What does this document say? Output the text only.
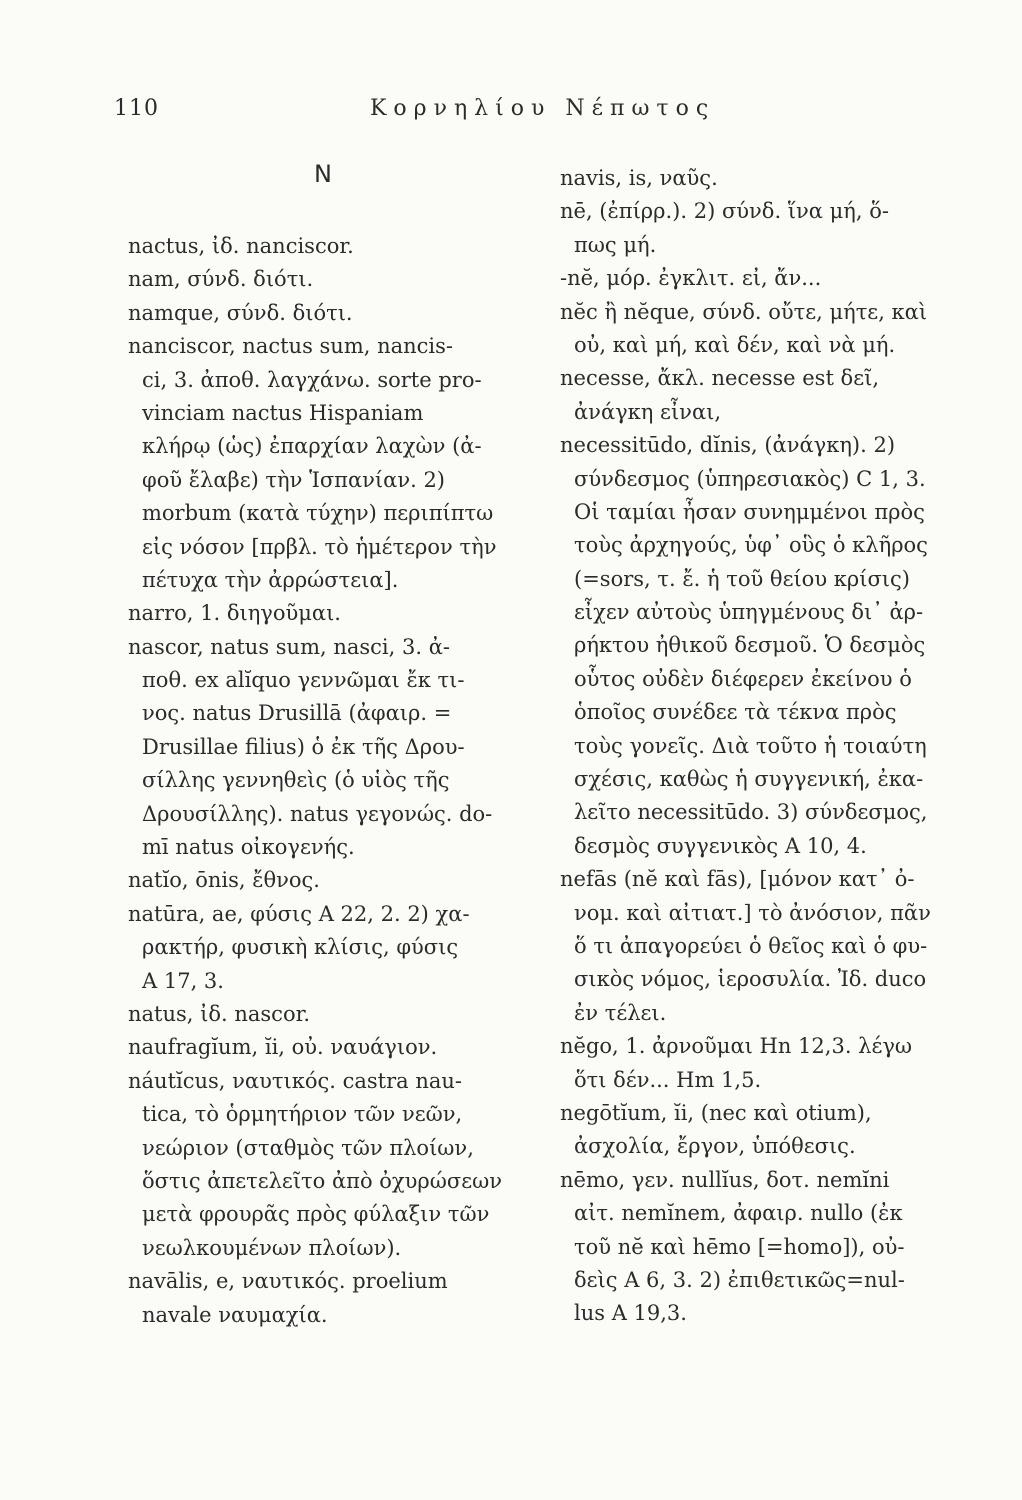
110	Κορνηλίου Νέπωτος
N
nactus, ἰδ. nanciscor.
nam, σύνδ. διότι.
namque, σύνδ. διότι.
nanciscor, nactus sum, nancis-
ci, 3. ἀποθ. λαγχάνω. sorte pro-
vinciam nactus Hispaniam
κλήρῳ (ὡς) ἐπαρχίαν λαχὼν (ἀ-
φοῦ ἔλαβε) τὴν Ἱσπανίαν. 2)
morbum (κατὰ τύχην) περιπίπτω
εἰς νόσον [πρβλ. τὸ ἡμέτερον τὴν
πέτυχα τὴν ἀρρώστεια].
narro, 1. διηγοῦμαι.
nascor, natus sum, nasci, 3. ἀ-
ποθ. ex alĭquo γεννῶμαι ἔκ τι-
νος. natus Drusillā (ἀφαιρ. =
Drusillae filius) ὁ ἐκ τῆς Δρου-
σίλλης γεννηθεὶς (ὁ υἱὸς τῆς
Δρουσίλλης). natus γεγονώς. do-
mī natus οἰκογενής.
natĭo, ōnis, ἔθνος.
natūra, ae, φύσις A 22, 2. 2) χα-
ρακτήρ, φυσικὴ κλίσις, φύσις
A 17, 3.
natus, ἰδ. nascor.
naufragĭum, ĭi, οὐ. ναυάγιον.
náutĭcus, ναυτικός. castra nau-
tica, τὸ ὁρμητήριον τῶν νεῶν,
νεώριον (σταθμὸς τῶν πλοίων,
ὅστις ἀπετελεῖτο ἀπὸ ὀχυρώσεων
μετὰ φρουρᾶς πρὸς φύλαξιν τῶν
νεωλκουμένων πλοίων).
navālis, e, ναυτικός. proelium
navale ναυμαχία.
navis, is, ναῦς.
nē, (ἐπίρρ.). 2) σύνδ. ἵνα μή, ὅ-
πως μή.
-nĕ, μόρ. ἐγκλιτ. εἰ, ἄν...
nĕc ἢ nĕque, σύνδ. οὔτε, μήτε, καὶ
οὐ, καὶ μή, καὶ δέν, καὶ νὰ μή.
necesse, ἄκλ. necesse est δεῖ,
ἀνάγκη εἶναι,
necessitūdo, dĭnis, (ἀνάγκη). 2)
σύνδεσμος (ὑπηρεσιακὸς) C 1, 3.
Οἱ ταμίαι ἦσαν συνημμένοι πρὸς
τοὺς ἀρχηγούς, ὑφ᾽ οὓς ὁ κλῆρος
(=sors, τ. ἔ. ἡ τοῦ θείου κρίσις)
εἶχεν αὐτοὺς ὑπηγμένους δι᾽ ἀρ-
ρήκτου ἠθικοῦ δεσμοῦ. Ὁ δεσμὸς
οὗτος οὐδὲν διέφερεν ἐκείνου ὁ
ὁποῖος συνέδεε τὰ τέκνα πρὸς
τοὺς γονεῖς. Διὰ τοῦτο ἡ τοιαύτη
σχέσις, καθὼς ἡ συγγενική, ἐκα-
λεῖτο necessitūdo. 3) σύνδεσμος,
δεσμὸς συγγενικὸς A 10, 4.
nefās (nĕ καὶ fās), [μόνον κατ᾽ ὀ-
νομ. καὶ αἰτιατ.] τὸ ἀνόσιον, πᾶν
ὅ τι ἀπαγορεύει ὁ θεῖος καὶ ὁ φυ-
σικὸς νόμος, ἱεροσυλία. Ἰδ. duco
ἐν τέλει.
nĕgo, 1. ἀρνοῦμαι Hn 12,3. λέγω
ὅτι δέν... Hm 1,5.
negōtĭum, ĭi, (nec καὶ otium),
ἀσχολία, ἔργον, ὑπόθεσις.
nēmo, γεν. nullĭus, δοτ. nemĭni
αἰτ. nemĭnem, ἀφαιρ. nullo (ἐκ
τοῦ nĕ καὶ hēmo [=homo]), οὐ-
δεὶς A 6, 3. 2) ἐπιθετικῶς=nul-
lus A 19,3.
